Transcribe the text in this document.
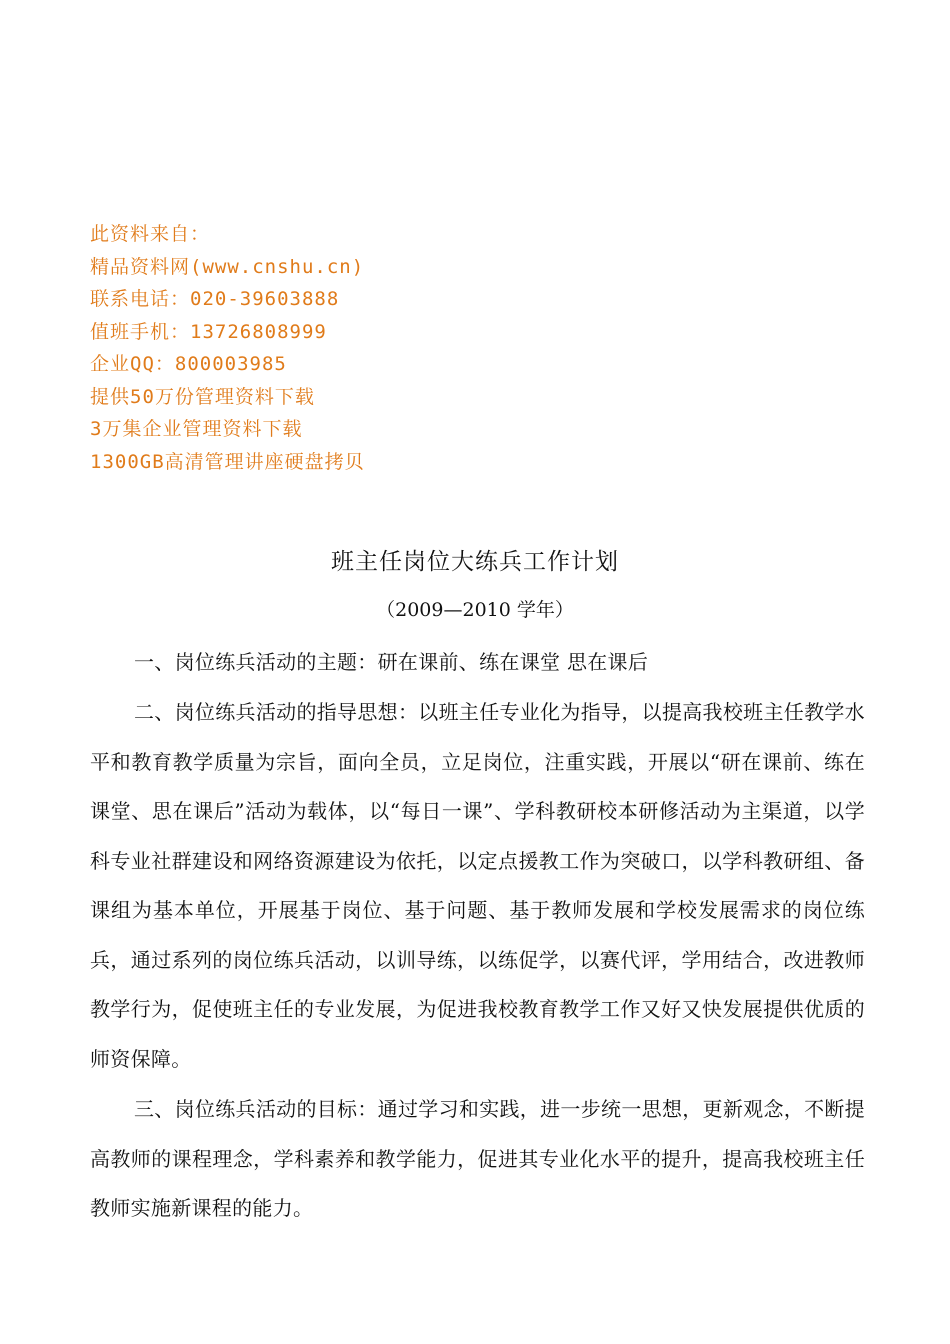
此资料来自：
精品资料网(www.cnshu.cn)
联系电话：020-39603888
值班手机：13726808999
企业QQ：800003985
提供50万份管理资料下载
3万集企业管理资料下载
1300GB高清管理讲座硬盘拷贝
班主任岗位大练兵工作计划
（2009—2010 学年）

一、岗位练兵活动的主题：研在课前、练在课堂 思在课后

二、岗位练兵活动的指导思想：以班主任专业化为指导，以提高我校班主任教学水平和教育教学质量为宗旨，面向全员，立足岗位，注重实践，开展以“研在课前、练在课堂、思在课后”活动为载体，以“每日一课”、学科教研校本研修活动为主渠道，以学科专业社群建设和网络资源建设为依托，以定点援教工作为突破口，以学科教研组、备课组为基本单位，开展基于岗位、基于问题、基于教师发展和学校发展需求的岗位练兵，通过系列的岗位练兵活动，以训导练，以练促学，以赛代评，学用结合，改进教师教学行为，促使班主任的专业发展，为促进我校教育教学工作又好又快发展提供优质的师资保障。

三、岗位练兵活动的目标：通过学习和实践，进一步统一思想，更新观念，不断提高教师的课程理念，学科素养和教学能力，促进其专业化水平的提升，提高我校班主任教师实施新课程的能力。
